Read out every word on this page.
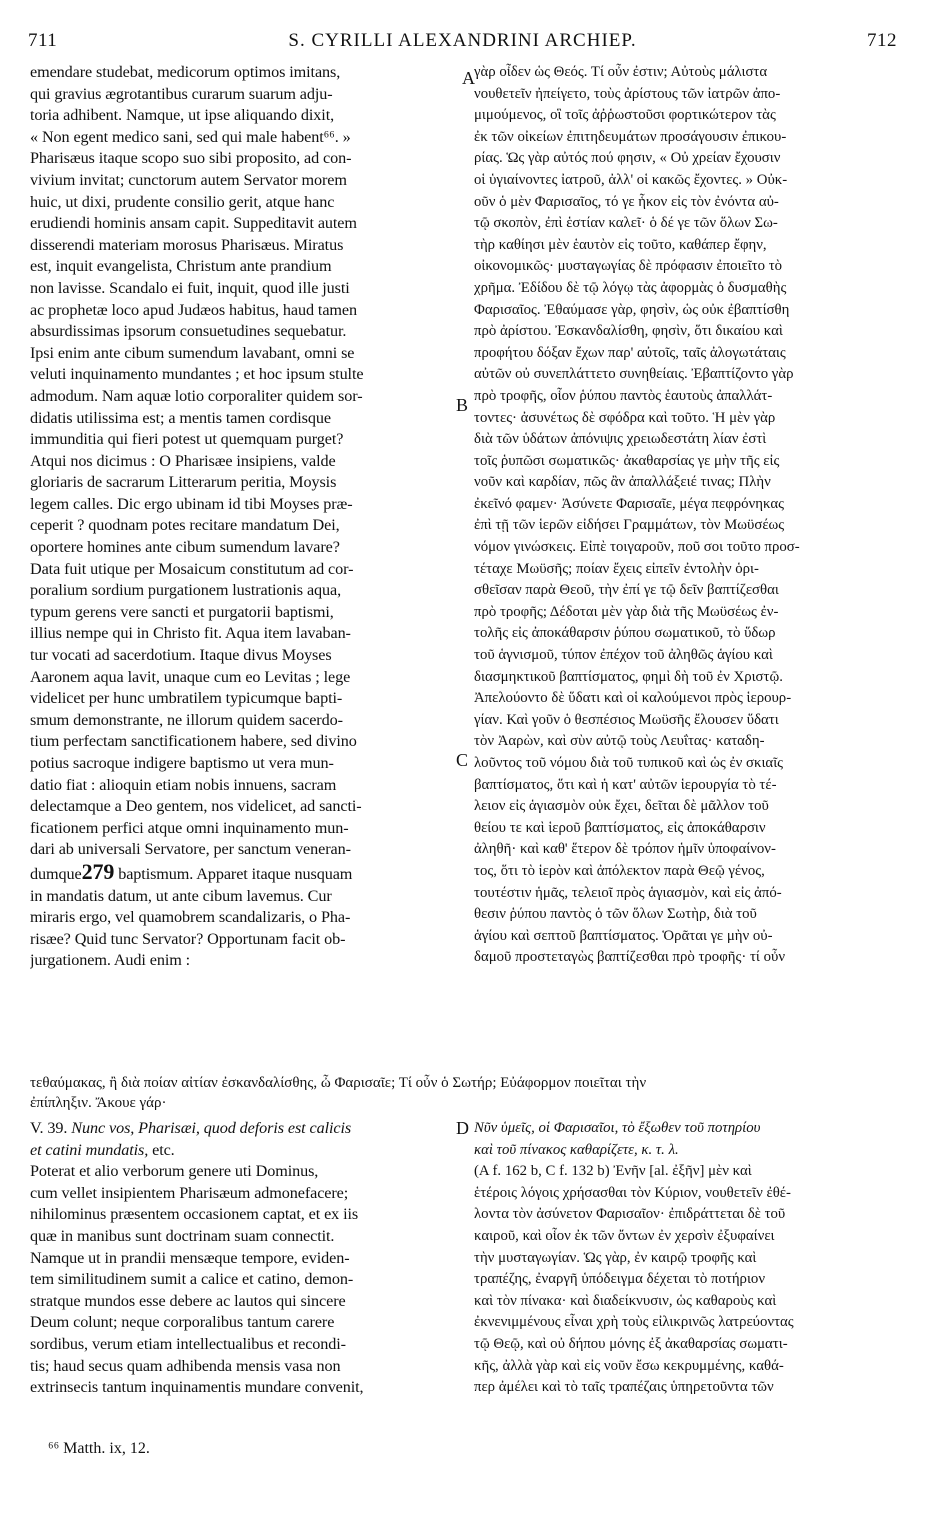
711	S. CYRILLI ALEXANDRINI ARCHIEP.	712

emendare studebat, medicorum optimos imitans,

qui gravius ægrotantibus curarum suarum adju-

toria adhibent. Namque, ut ipse aliquando dixit,

« Non egent medico sani, sed qui male habent⁶⁶. »

Pharisæus itaque scopo suo sibi proposito, ad con-

vivium invitat; cunctorum autem Servator morem

huic, ut dixi, prudente consilio gerit, atque hanc

erudiendi hominis ansam capit. Suppeditavit autem

disserendi materiam morosus Pharisæus. Miratus

est, inquit evangelista, Christum ante prandium

non lavisse. Scandalo ei fuit, inquit, quod ille justi

ac prophetæ loco apud Judæos habitus, haud tamen

absurdissimas ipsorum consuetudines sequebatur.

Ipsi enim ante cibum sumendum lavabant, omni se

veluti inquinamento mundantes ; et hoc ipsum stulte

admodum. Nam aquæ lotio corporaliter quidem sor-

didatis utilissima est; a mentis tamen cordisque

immunditia qui fieri potest ut quemquam purget?

Atqui nos dicimus : O Pharisæe insipiens, valde

gloriaris de sacrarum Litterarum peritia, Moysis

legem calles. Dic ergo ubinam id tibi Moyses præ-

ceperit ? quodnam potes recitare mandatum Dei,

oportere homines ante cibum sumendum lavare?

Data fuit utique per Mosaicum constitutum ad cor-

poralium sordium purgationem lustrationis aqua,

typum gerens vere sancti et purgatorii baptismi,

illius nempe qui in Christo fit. Aqua item lavaban-

tur vocati ad sacerdotium. Itaque divus Moyses

Aaronem aqua lavit, unaque cum eo Levitas ; lege

videlicet per hunc umbratilem typicumque bapti-

smum demonstrante, ne illorum quidem sacerdo-

tium perfectam sanctificationem habere, sed divino

potius sacroque indigere baptismo ut vera mun-

datio fiat : alioquin etiam nobis innuens, sacram

delectamque a Deo gentem, nos videlicet, ad sancti-

ficationem perfici atque omni inquinamento mun-

dari ab universali Servatore, per sanctum veneran-

dumque279 baptismum. Apparet itaque nusquam

in mandatis datum, ut ante cibum lavemus. Cur

miraris ergo, vel quamobrem scandalizaris, o Pha-

risæe? Quid tunc Servator? Opportunam facit ob-

jurgationem. Audi enim :

γὰρ οἶδεν ὡς Θεός. Τί οὖν ἐστιν; Αὐτοὺς μάλιστα

νουθετεῖν ἠπείγετο, τοὺς ἀρίστους τῶν ἰατρῶν ἀπο-

μιμούμενος, οἳ τοῖς ἀῤῥωστοῦσι φορτικώτερον τὰς

ἐκ τῶν οἰκείων ἐπιτηδευμάτων προσάγουσιν ἐπικου-

ρίας. Ὡς γὰρ αὐτός πού φησιν, « Οὐ χρείαν ἔχουσιν

οἱ ὑγιαίνοντες ἰατροῦ, ἀλλ' οἱ κακῶς ἔχοντες. » Οὐκ-

οῦν ὁ μὲν Φαρισαῖος, τό γε ἧκον εἰς τὸν ἐνόντα αὐ-

τῷ σκοπὸν, ἐπὶ ἑστίαν καλεῖ· ὁ δέ γε τῶν ὅλων Σω-

τὴρ καθίησι μὲν ἑαυτὸν εἰς τοῦτο, καθάπερ ἔφην,

οἰκονομικῶς· μυσταγωγίας δὲ πρόφασιν ἐποιεῖτο τὸ

χρῆμα. Ἐδίδου δὲ τῷ λόγῳ τὰς ἀφορμὰς ὁ δυσμαθὴς

Φαρισαῖος. Ἐθαύμασε γὰρ, φησὶν, ὡς οὐκ ἐβαπτίσθη

πρὸ ἀρίστου. Ἐσκανδαλίσθη, φησὶν, ὅτι δικαίου καὶ

προφήτου δόξαν ἔχων παρ' αὐτοῖς, ταῖς ἀλογωτάταις

αὐτῶν οὐ συνεπλάττετο συνηθείαις. Ἐβαπτίζοντο γὰρ

πρὸ τροφῆς, οἷον ῥύπου παντὸς ἑαυτοὺς ἀπαλλάτ-

τοντες· ἀσυνέτως δὲ σφόδρα καὶ τοῦτο. Ἡ μὲν γὰρ

διὰ τῶν ὑδάτων ἀπόνιψις χρειωδεστάτη λίαν ἐστὶ

τοῖς ῥυπῶσι σωματικῶς· ἀκαθαρσίας γε μὴν τῆς εἰς

νοῦν καὶ καρδίαν, πῶς ἂν ἀπαλλάξειέ τινας; Πλὴν

ἐκεῖνό φαμεν· Ἀσύνετε Φαρισαῖε, μέγα πεφρόνηκας

ἐπὶ τῇ τῶν ἱερῶν εἰδήσει Γραμμάτων, τὸν Μωϋσέως

νόμον γινώσκεις. Εἰπὲ τοιγαροῦν, ποῦ σοι τοῦτο προσ-

τέταχε Μωϋσῆς; ποίαν ἔχεις εἰπεῖν ἐντολὴν ὁρι-

σθεῖσαν παρὰ Θεοῦ, τὴν ἐπί γε τῷ δεῖν βαπτίζεσθαι

πρὸ τροφῆς; Δέδοται μὲν γὰρ διὰ τῆς Μωϋσέως ἐν-

τολῆς εἰς ἀποκάθαρσιν ῥύπου σωματικοῦ, τὸ ὕδωρ

τοῦ ἁγνισμοῦ, τύπον ἐπέχον τοῦ ἀληθῶς ἁγίου καὶ

διασμηκτικοῦ βαπτίσματος, φημὶ δὴ τοῦ ἐν Χριστῷ.

Ἀπελούοντο δὲ ὕδατι καὶ οἱ καλούμενοι πρὸς ἱερουρ-

γίαν. Καὶ γοῦν ὁ θεσπέσιος Μωϋσῆς ἔλουσεν ὕδατι

τὸν Ἀαρὼν, καὶ σὺν αὐτῷ τοὺς Λευΐτας· καταδη-

λοῦντος τοῦ νόμου διὰ τοῦ τυπικοῦ καὶ ὡς ἐν σκιαῖς

βαπτίσματος, ὅτι καὶ ἡ κατ' αὐτῶν ἱερουργία τὸ τέ-

λειον εἰς ἁγιασμὸν οὐκ ἔχει, δεῖται δὲ μᾶλλον τοῦ

θείου τε καὶ ἱεροῦ βαπτίσματος, εἰς ἀποκάθαρσιν

ἀληθῆ· καὶ καθ' ἕτερον δὲ τρόπον ἡμῖν ὑποφαίνον-

τος, ὅτι τὸ ἱερὸν καὶ ἀπόλεκτον παρὰ Θεῷ γένος,

τουτέστιν ἡμᾶς, τελειοῖ πρὸς ἁγιασμὸν, καὶ εἰς ἀπό-

θεσιν ῥύπου παντὸς ὁ τῶν ὅλων Σωτὴρ, διὰ τοῦ

ἁγίου καὶ σεπτοῦ βαπτίσματος. Ὁρᾶται γε μὴν οὐ-

δαμοῦ προστεταγὼς βαπτίζεσθαι πρὸ τροφῆς· τί οὖν

A
B
C
D

τεθαύμακας, ἢ διὰ ποίαν αἰτίαν ἐσκανδαλίσθης, ὦ Φαρισαῖε; Τί οὖν ὁ Σωτήρ; Εὐάφορμον ποιεῖται τὴν

ἐπίπληξιν. Ἄκουε γάρ·

V. 39. Nunc vos, Pharisæi, quod deforis est calicis

et catini mundatis, etc.

Poterat et alio verborum genere uti Dominus,

cum vellet insipientem Pharisæum admonefacere;

nihilominus præsentem occasionem captat, et ex iis

quæ in manibus sunt doctrinam suam connectit.

Namque ut in prandii mensæque tempore, eviden-

tem similitudinem sumit a calice et catino, demon-

stratque mundos esse debere ac lautos qui sincere

Deum colunt; neque corporalibus tantum carere

sordibus, verum etiam intellectualibus et recondi-

tis; haud secus quam adhibenda mensis vasa non

extrinsecis tantum inquinamentis mundare convenit,

Νῦν ὑμεῖς, οἱ Φαρισαῖοι, τὸ ἔξωθεν τοῦ ποτηρίου

καὶ τοῦ πίνακος καθαρίζετε, κ. τ. λ.

(A f. 162 b, C f. 132 b) Ἐνῆν [al. ἐξῆν] μὲν καὶ

ἑτέροις λόγοις χρήσασθαι τὸν Κύριον, νουθετεῖν ἐθέ-

λοντα τὸν ἀσύνετον Φαρισαῖον· ἐπιδράττεται δὲ τοῦ

καιροῦ, καὶ οἷον ἐκ τῶν ὄντων ἐν χερσὶν ἐξυφαίνει

τὴν μυσταγωγίαν. Ὡς γὰρ, ἐν καιρῷ τροφῆς καὶ

τραπέζης, ἐναργῆ ὑπόδειγμα δέχεται τὸ ποτήριον

καὶ τὸν πίνακα· καὶ διαδείκνυσιν, ὡς καθαροὺς καὶ

ἐκνενιμμένους εἶναι χρὴ τοὺς εἰλικρινῶς λατρεύοντας

τῷ Θεῷ, καὶ οὐ δήπου μόνης ἐξ ἀκαθαρσίας σωματι-

κῆς, ἀλλὰ γὰρ καὶ εἰς νοῦν ἔσω κεκρυμμένης, καθά-

περ ἀμέλει καὶ τὸ ταῖς τραπέζαις ὑπηρετοῦντα τῶν

⁶⁶ Matth. ix, 12.
